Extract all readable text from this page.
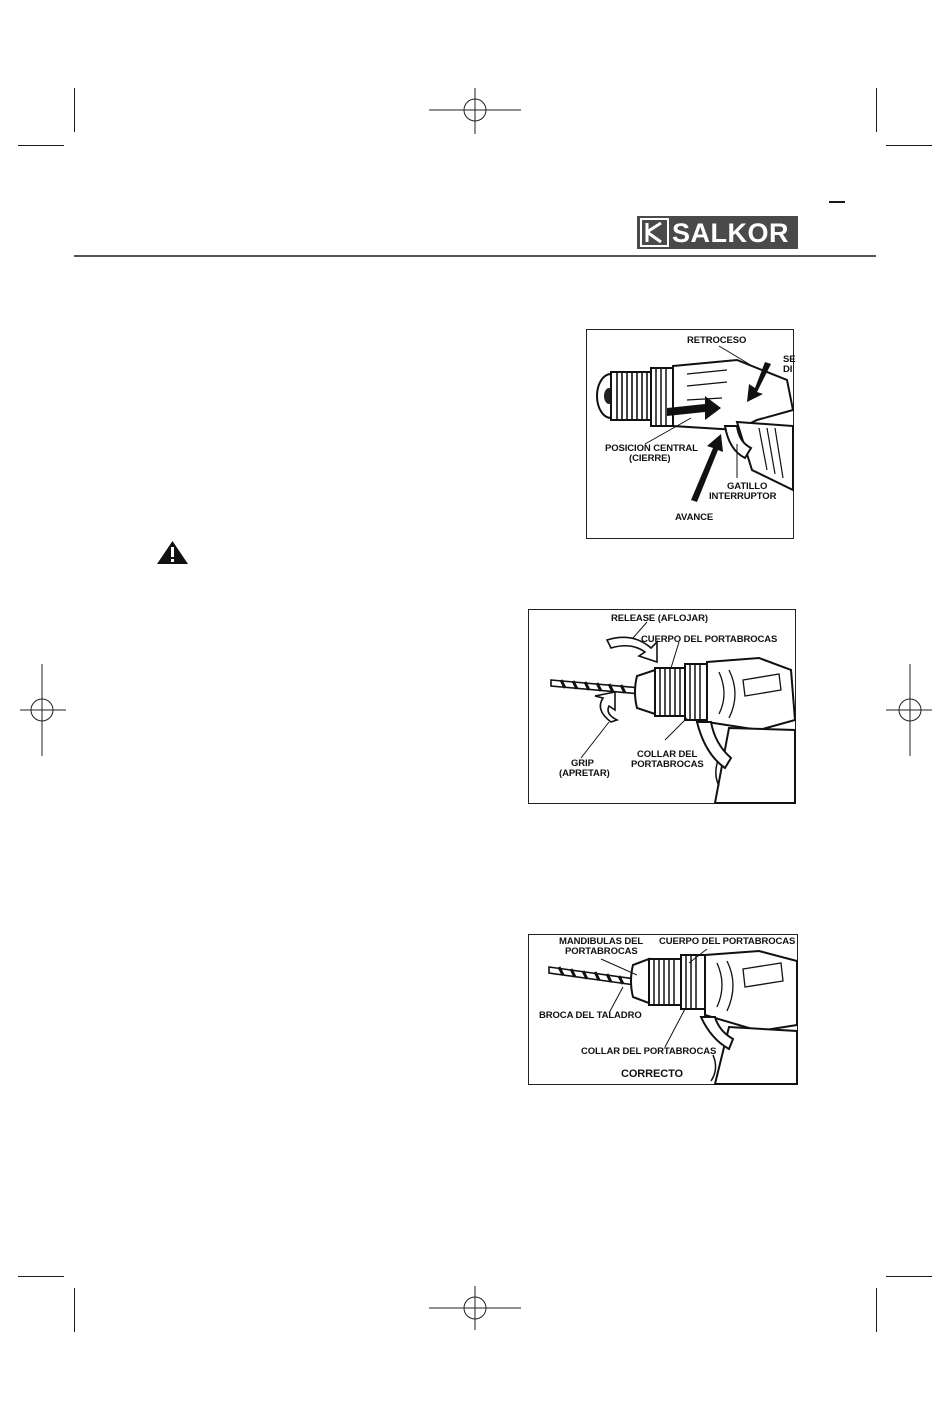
SALKOR
RETROCESO
SE
DI
POSICION CENTRAL
(CIERRE)
GATILLO
INTERRUPTOR
AVANCE
RELEASE (AFLOJAR)
CUERPO DEL PORTABROCAS
GRIP
(APRETAR)
COLLAR DEL
PORTABROCAS
MANDIBULAS DEL
PORTABROCAS
CUERPO DEL PORTABROCAS
BROCA DEL TALADRO
COLLAR DEL PORTABROCAS
CORRECTO
